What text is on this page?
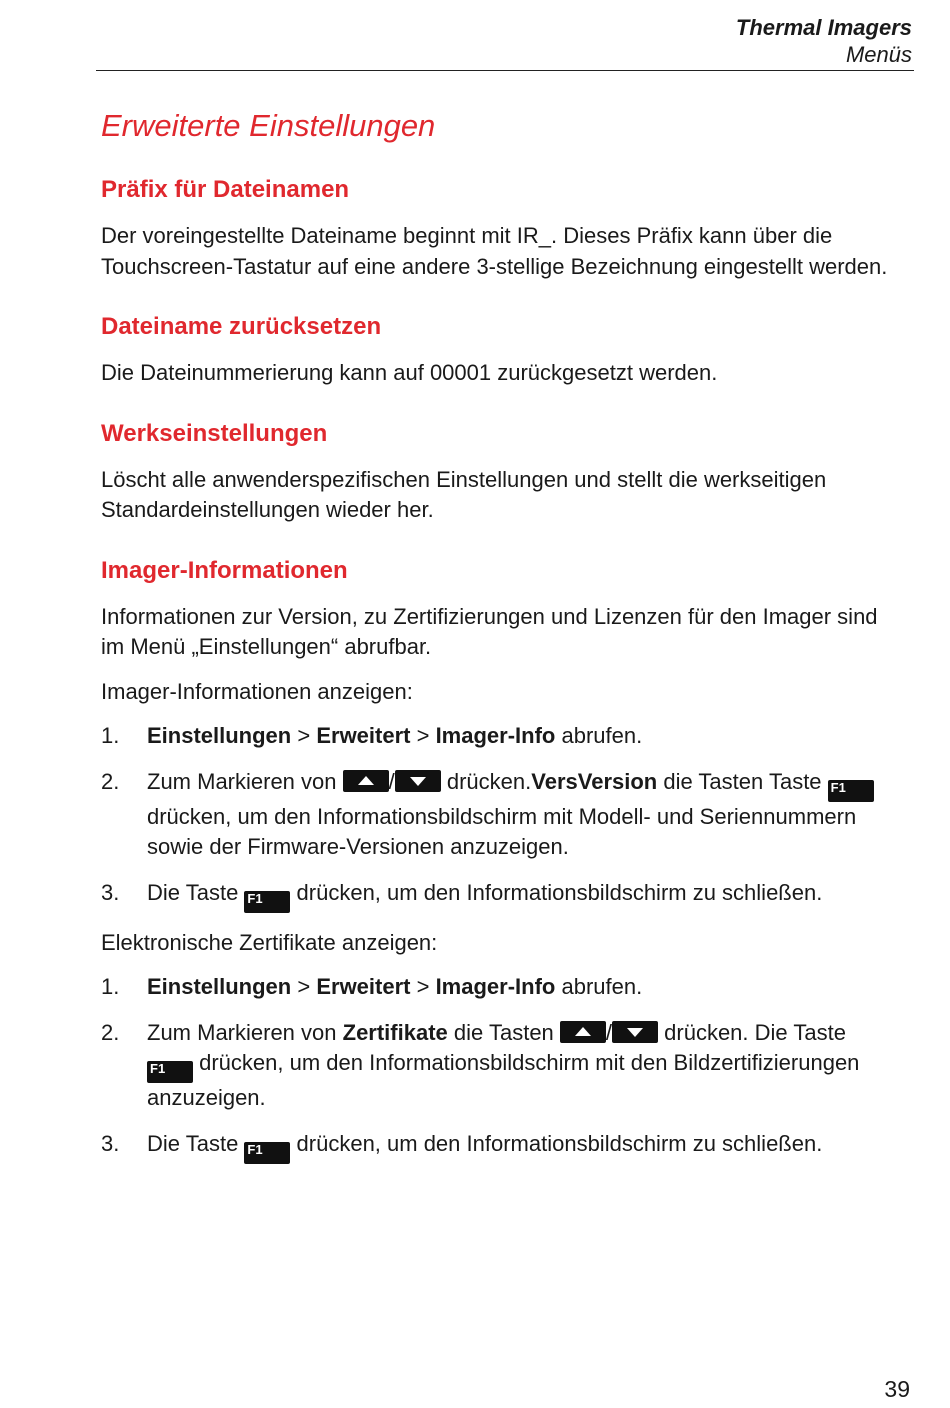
Thermal Imagers
Menüs
Erweiterte Einstellungen
Präfix für Dateinamen

Der voreingestellte Dateiname beginnt mit IR_. Dieses Präfix kann über die Touchscreen-Tastatur auf eine andere 3-stellige Bezeichnung eingestellt werden.

Dateiname zurücksetzen

Die Dateinummerierung kann auf 00001 zurückgesetzt werden.

Werkseinstellungen

Löscht alle anwenderspezifischen Einstellungen und stellt die werkseitigen Standardeinstellungen wieder her.

Imager-Informationen

Informationen zur Version, zu Zertifizierungen und Lizenzen für den Imager sind im Menü „Einstellungen“ abrufbar.

Imager-Informationen anzeigen:

1. Einstellungen > Erweitert > Imager-Info abrufen.
2. Zum Markieren von / drücken.VersVersion die Tasten Taste F1 drücken, um den Informationsbildschirm mit Modell- und Seriennummern sowie der Firmware-Versionen anzuzeigen.
3. Die Taste F1 drücken, um den Informationsbildschirm zu schließen.

Elektronische Zertifikate anzeigen:

1. Einstellungen > Erweitert > Imager-Info abrufen.
2. Zum Markieren von Zertifikate die Tasten / drücken. Die Taste F1 drücken, um den Informationsbildschirm mit den Bildzertifizierungen anzuzeigen.
3. Die Taste F1 drücken, um den Informationsbildschirm zu schließen.
39
